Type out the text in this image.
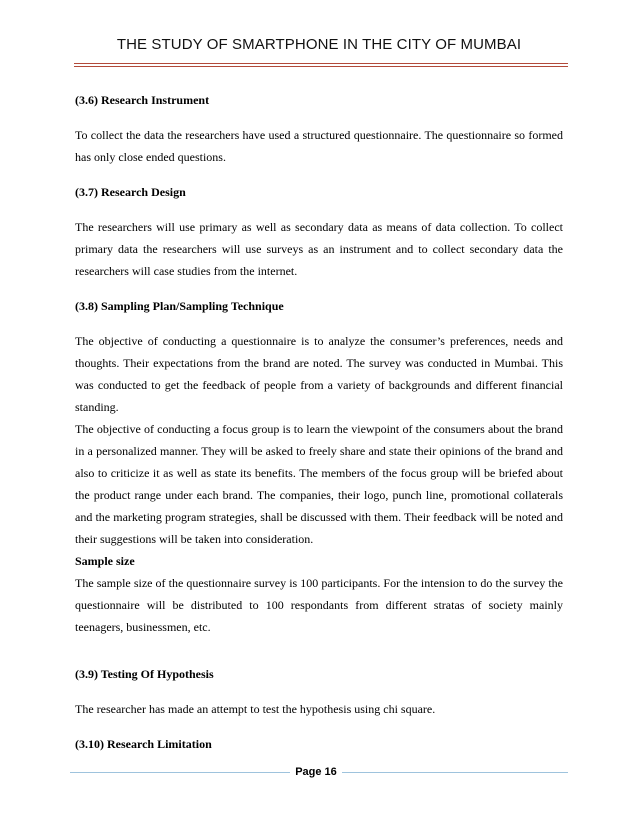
THE STUDY OF SMARTPHONE IN THE CITY OF MUMBAI

(3.6) Research Instrument

To collect the data the researchers have used a structured questionnaire. The questionnaire so formed has only close ended questions.

(3.7) Research Design

The researchers will use primary as well as secondary data as means of data collection. To collect primary data the researchers will use surveys as an instrument and to collect secondary data the researchers will case studies from the internet.

(3.8) Sampling Plan/Sampling Technique

The objective of conducting a questionnaire is to analyze the consumer’s preferences, needs and thoughts. Their expectations from the brand are noted. The survey was conducted in Mumbai. This was conducted to get the feedback of people from a variety of backgrounds and different financial standing.

The objective of conducting a focus group is to learn the viewpoint of the consumers about the brand in a personalized manner. They will be asked to freely share and state their opinions of the brand and also to criticize it as well as state its benefits. The members of the focus group will be briefed about the product range under each brand. The companies, their logo, punch line, promotional collaterals and the marketing program strategies, shall be discussed with them. Their feedback will be noted and their suggestions will be taken into consideration.

Sample size

The sample size of the questionnaire survey is 100 participants. For the intension to do the survey the questionnaire will be distributed to 100 respondants from different stratas of society mainly teenagers, businessmen, etc.

(3.9) Testing Of Hypothesis

The researcher has made an attempt to test the hypothesis using chi square.

(3.10) Research Limitation

Page 16
